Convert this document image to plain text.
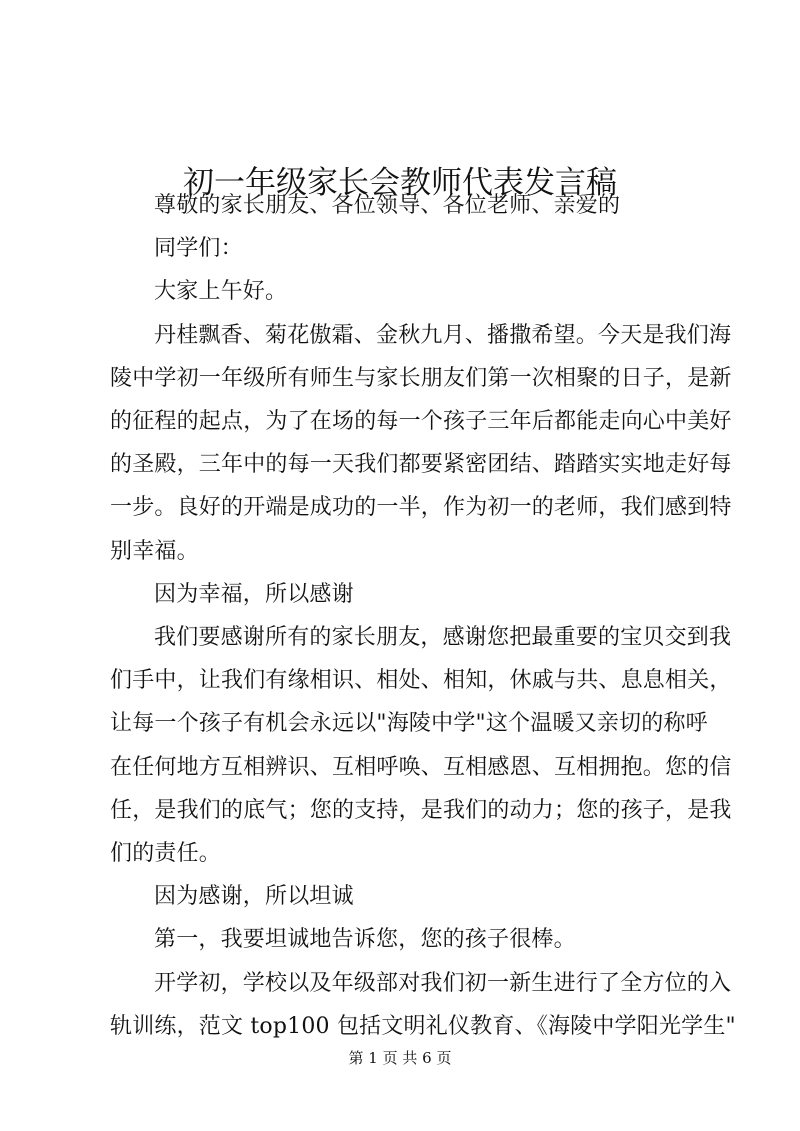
初一年级家长会教师代表发言稿

尊敬的家长朋友、各位领导、各位老师、亲爱的

同学们：

大家上午好。

丹桂飘香、菊花傲霜、金秋九月、播撒希望。今天是我们海
陵中学初一年级所有师生与家长朋友们第一次相聚的日子，是新
的征程的起点，为了在场的每一个孩子三年后都能走向心中美好
的圣殿，三年中的每一天我们都要紧密团结、踏踏实实地走好每
一步。良好的开端是成功的一半，作为初一的老师，我们感到特
别幸福。

因为幸福，所以感谢

我们要感谢所有的家长朋友，感谢您把最重要的宝贝交到我
们手中，让我们有缘相识、相处、相知，休戚与共、息息相关，
让每一个孩子有机会永远以"海陵中学"这个温暖又亲切的称呼
在任何地方互相辨识、互相呼唤、互相感恩、互相拥抱。您的信
任，是我们的底气；您的支持，是我们的动力；您的孩子，是我
们的责任。

因为感谢，所以坦诚

第一，我要坦诚地告诉您，您的孩子很棒。

开学初，学校以及年级部对我们初一新生进行了全方位的入
轨训练，范文 top100 包括文明礼仪教育、《海陵中学阳光学生"

第 1 页 共 6 页
